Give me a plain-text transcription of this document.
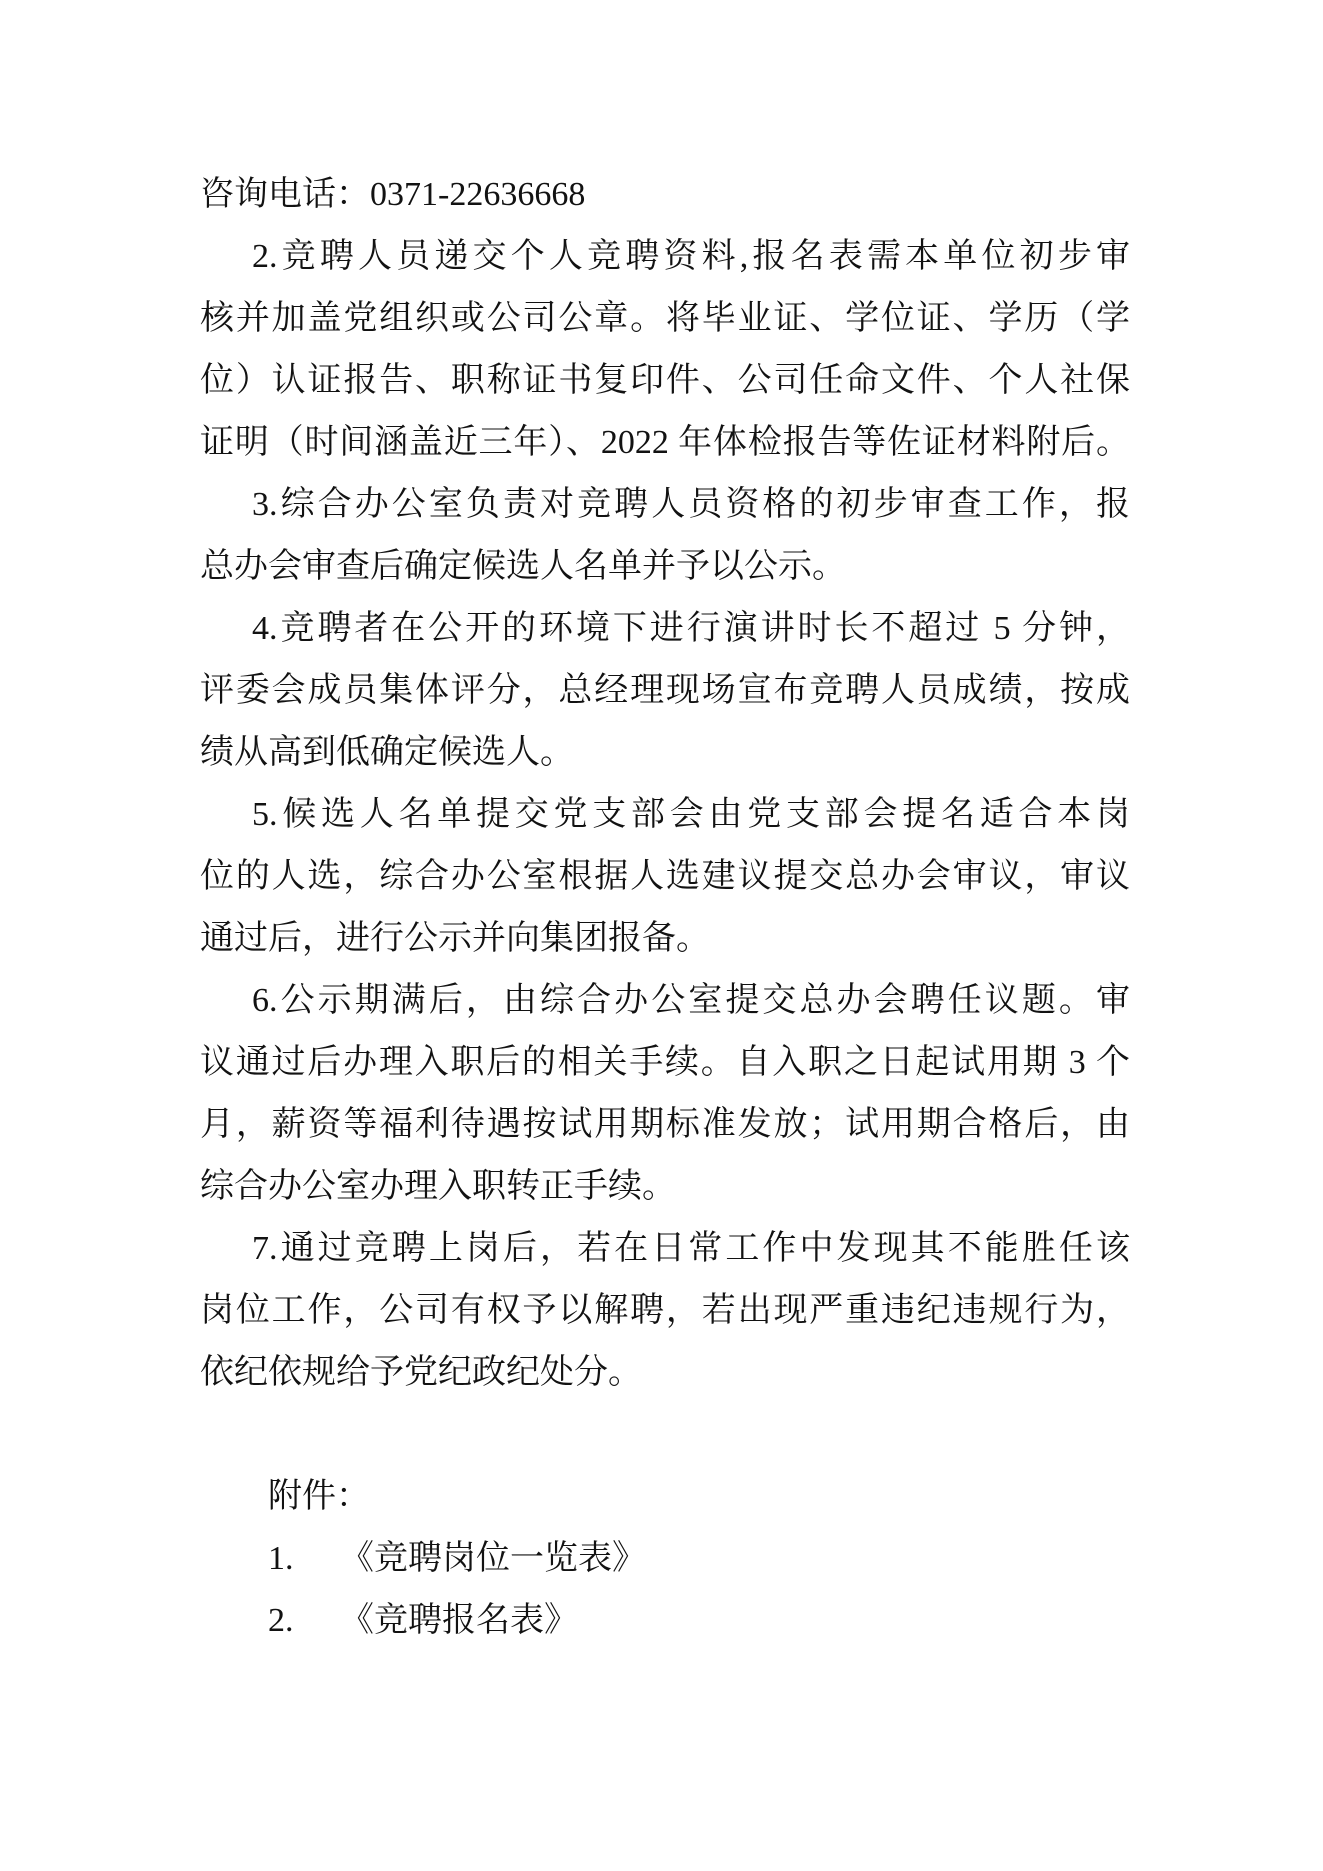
咨询电话：0371-22636668
2.竞聘人员递交个人竞聘资料,报名表需本单位初步审
核并加盖党组织或公司公章。将毕业证、学位证、学历（学
位）认证报告、职称证书复印件、公司任命文件、个人社保
证明（时间涵盖近三年）、2022 年体检报告等佐证材料附后。
3.综合办公室负责对竞聘人员资格的初步审查工作，报
总办会审查后确定候选人名单并予以公示。
4.竞聘者在公开的环境下进行演讲时长不超过 5 分钟，
评委会成员集体评分，总经理现场宣布竞聘人员成绩，按成
绩从高到低确定候选人。
5.候选人名单提交党支部会由党支部会提名适合本岗
位的人选，综合办公室根据人选建议提交总办会审议，审议
通过后，进行公示并向集团报备。
6.公示期满后，由综合办公室提交总办会聘任议题。审
议通过后办理入职后的相关手续。自入职之日起试用期 3 个
月，薪资等福利待遇按试用期标准发放；试用期合格后，由
综合办公室办理入职转正手续。
7.通过竞聘上岗后，若在日常工作中发现其不能胜任该
岗位工作，公司有权予以解聘，若出现严重违纪违规行为，
依纪依规给予党纪政纪处分。
附件：
1. 《竞聘岗位一览表》
2. 《竞聘报名表》
